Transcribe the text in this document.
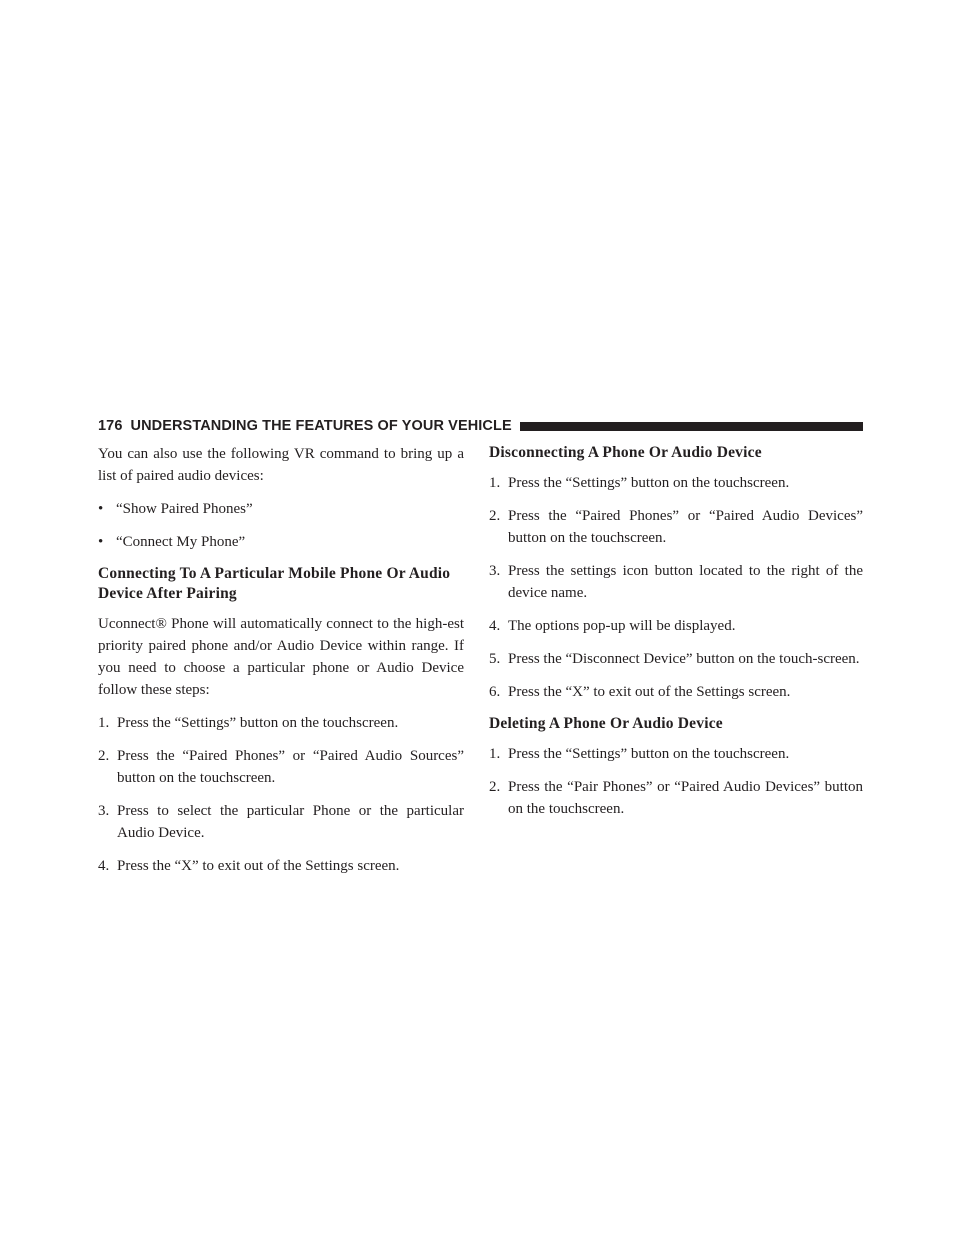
176 UNDERSTANDING THE FEATURES OF YOUR VEHICLE

You can also use the following VR command to bring up a list of paired audio devices:

• “Show Paired Phones”
• “Connect My Phone”
Connecting To A Particular Mobile Phone Or Audio Device After Pairing

Uconnect® Phone will automatically connect to the high-est priority paired phone and/or Audio Device within range. If you need to choose a particular phone or Audio Device follow these steps:

1. Press the “Settings” button on the touchscreen.
2. Press the “Paired Phones” or “Paired Audio Sources” button on the touchscreen.
3. Press to select the particular Phone or the particular Audio Device.
4. Press the “X” to exit out of the Settings screen.
Disconnecting A Phone Or Audio Device
1. Press the “Settings” button on the touchscreen.
2. Press the “Paired Phones” or “Paired Audio Devices” button on the touchscreen.
3. Press the settings icon button located to the right of the device name.
4. The options pop-up will be displayed.
5. Press the “Disconnect Device” button on the touch-screen.
6. Press the “X” to exit out of the Settings screen.
Deleting A Phone Or Audio Device
1. Press the “Settings” button on the touchscreen.
2. Press the “Pair Phones” or “Paired Audio Devices” button on the touchscreen.
